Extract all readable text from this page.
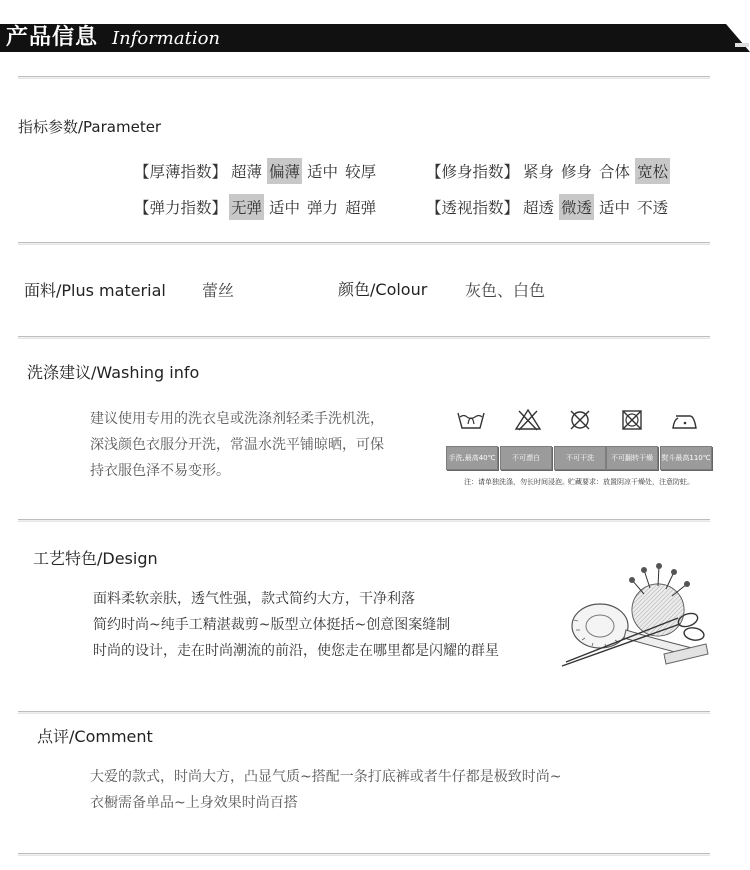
产品信息 Information
指标参数/Parameter
【厚薄指数】 超薄 偏薄 适中 较厚	【修身指数】 紧身 修身 合体 宽松
【弹力指数】 无弹 适中 弹力 超弹	【透视指数】 超透 微透 适中 不透
面料/Plus material 蕾丝	颜色/Colour 灰色、白色
洗涤建议/Washing info
建议使用专用的洗衣皂或洗涤剂轻柔手洗机洗，
深浅颜色衣服分开洗，常温水洗平铺晾晒，可保
持衣服色泽不易变形。
手洗,最高40℃	不可漂白	不可干洗	不可翻转干燥	熨斗最高110℃
注：请单独洗涤，勿长时间浸泡。 贮藏要求：放置阴凉干燥处，注意防蛀。
工艺特色/Design
面料柔软亲肤，透气性强，款式简约大方，干净利落
简约时尚~纯手工精湛裁剪~版型立体挺括~创意图案缝制
时尚的设计，走在时尚潮流的前沿，使您走在哪里都是闪耀的群星
点评/Comment
大爱的款式，时尚大方，凸显气质~搭配一条打底裤或者牛仔都是极致时尚~
衣橱需备单品~上身效果时尚百搭
